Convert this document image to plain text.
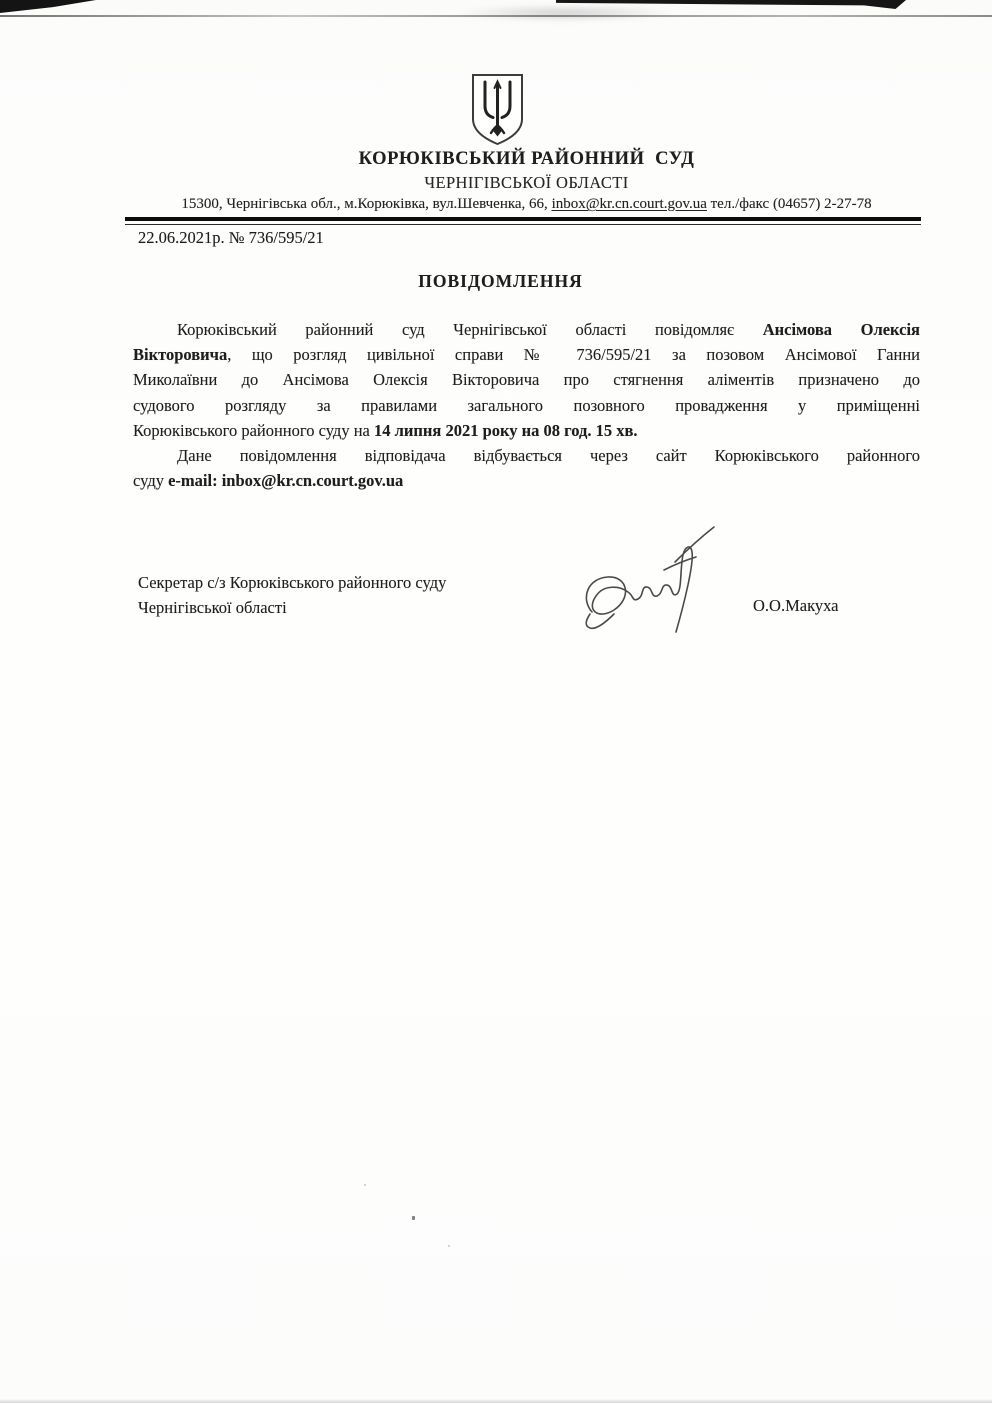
КОРЮКІВСЬКИЙ РАЙОННИЙ  СУД
ЧЕРНІГІВСЬКОЇ ОБЛАСТІ
15300, Чернігівська обл., м.Корюківка, вул.Шевченка, 66, inbox@kr.cn.court.gov.ua тел./факс (04657) 2-27-78
22.06.2021р. № 736/595/21
ПОВІДОМЛЕННЯ
Корюківський районний суд Чернігівської області повідомляє Ансімова Олексія
Вікторовича, що розгляд цивільної справи № 736/595/21 за позовом Ансімової Ганни
Миколаївни до Ансімова Олексія Вікторовича про стягнення аліментів призначено до
судового розгляду за правилами загального позовного провадження у приміщенні
Корюківського районного суду на 14 липня 2021 року на 08 год. 15 хв.
Дане повідомлення відповідача відбувається через сайт Корюківського районного
суду e-mail: inbox@kr.cn.court.gov.ua
Секретар с/з Корюківського районного суду
Чернігівської області	О.О.Макуха
